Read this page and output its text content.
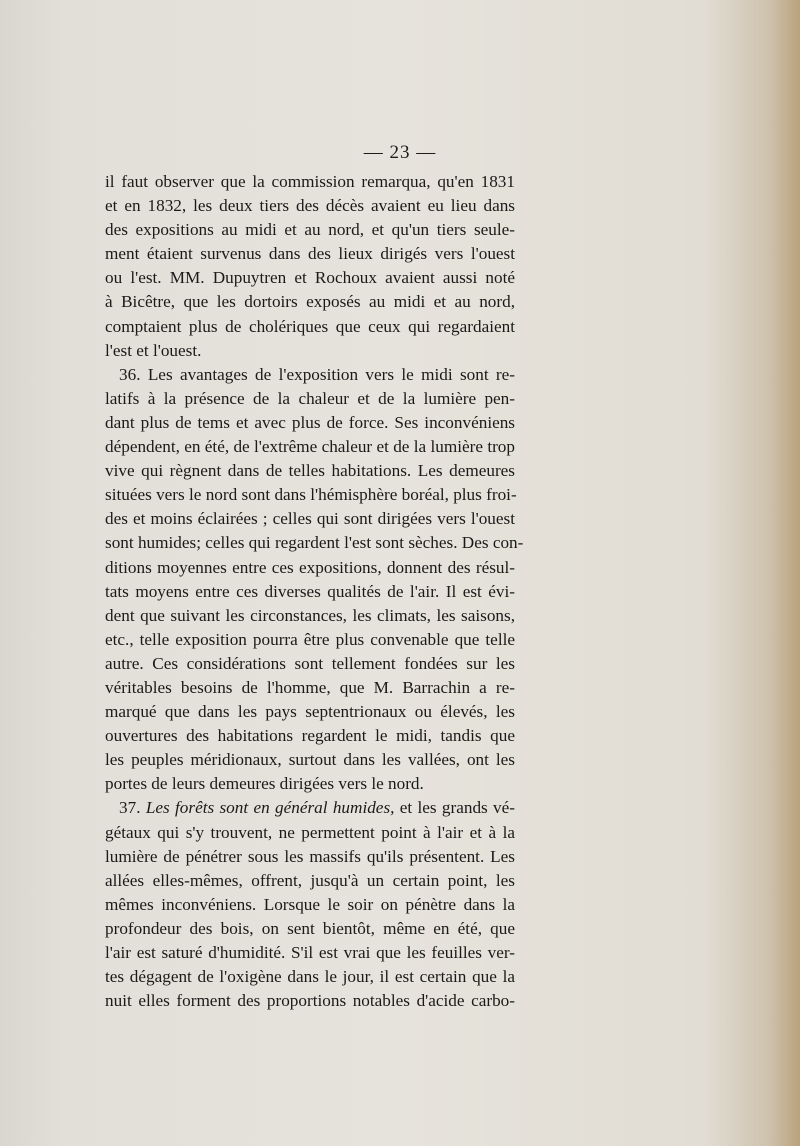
— 23 —
il faut observer que la commission remarqua, qu'en 1831
et en 1832, les deux tiers des décès avaient eu lieu dans
des expositions au midi et au nord, et qu'un tiers seule-
ment étaient survenus dans des lieux dirigés vers l'ouest
ou l'est. MM. Dupuytren et Rochoux avaient aussi noté
à Bicêtre, que les dortoirs exposés au midi et au nord,
comptaient plus de cholériques que ceux qui regardaient
l'est et l'ouest.
36. Les avantages de l'exposition vers le midi sont re-
latifs à la présence de la chaleur et de la lumière pen-
dant plus de tems et avec plus de force. Ses inconvéniens
dépendent, en été, de l'extrême chaleur et de la lumière trop
vive qui règnent dans de telles habitations. Les demeures
situées vers le nord sont dans l'hémisphère boréal, plus froi-
des et moins éclairées ; celles qui sont dirigées vers l'ouest
sont humides; celles qui regardent l'est sont sèches. Des con-
ditions moyennes entre ces expositions, donnent des résul-
tats moyens entre ces diverses qualités de l'air. Il est évi-
dent que suivant les circonstances, les climats, les saisons,
etc., telle exposition pourra être plus convenable que telle
autre. Ces considérations sont tellement fondées sur les
véritables besoins de l'homme, que M. Barrachin a re-
marqué que dans les pays septentrionaux ou élevés, les
ouvertures des habitations regardent le midi, tandis que
les peuples méridionaux, surtout dans les vallées, ont les
portes de leurs demeures dirigées vers le nord.
37. Les forêts sont en général humides, et les grands vé-
gétaux qui s'y trouvent, ne permettent point à l'air et à la
lumière de pénétrer sous les massifs qu'ils présentent. Les
allées elles-mêmes, offrent, jusqu'à un certain point, les
mêmes inconvéniens. Lorsque le soir on pénètre dans la
profondeur des bois, on sent bientôt, même en été, que
l'air est saturé d'humidité. S'il est vrai que les feuilles ver-
tes dégagent de l'oxigène dans le jour, il est certain que la
nuit elles forment des proportions notables d'acide carbo-
